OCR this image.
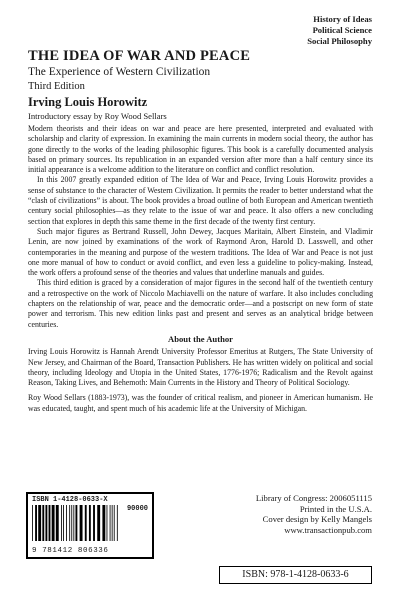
History of Ideas
Political Science
Social Philosophy
THE IDEA OF WAR AND PEACE
The Experience of Western Civilization
Third Edition
Irving Louis Horowitz
Introductory essay by Roy Wood Sellars

Modern theorists and their ideas on war and peace are here presented, interpreted and evaluated with scholarship and clarity of expression. In examining the main currents in modern social theory, the author has gone directly to the works of the leading philosophic figures. This book is a carefully documented analysis based on primary sources. Its republication in an expanded version after more than a half century since its initial appearance is a welcome addition to the literature on conflict and conflict resolution.

In this 2007 greatly expanded edition of The Idea of War and Peace, Irving Louis Horowitz provides a sense of substance to the character of Western Civilization. It permits the reader to better understand what the “clash of civilizations” is about. The book provides a broad outline of both European and American twentieth century social philosophies—as they relate to the issue of war and peace. It also offers a new concluding section that explores in depth this same theme in the first decade of the twenty first century.

Such major figures as Bertrand Russell, John Dewey, Jacques Maritain, Albert Einstein, and Vladimir Lenin, are now joined by examinations of the work of Raymond Aron, Harold D. Lasswell, and other contemporaries in the meaning and purpose of the western traditions. The Idea of War and Peace is not just one more manual of how to conduct or avoid conflict, and even less a guideline to policy-making. Instead, the work offers a profound sense of the theories and values that underline manuals and guides.

This third edition is graced by a consideration of major figures in the second half of the twentieth century and a retrospective on the work of Niccolo Machiavelli on the nature of warfare. It also includes concluding chapters on the relationship of war, peace and the democratic order—and a postscript on new form of state power and terrorism. This new edition links past and present and serves as an analytical bridge between centuries.

About the Author

Irving Louis Horowitz is Hannah Arendt University Professor Emeritus at Rutgers, The State University of New Jersey, and Chairman of the Board, Transaction Publishers. He has written widely on political and social theory, including Ideology and Utopia in the United States, 1776-1976; Radicalism and the Revolt against Reason, Taking Lives, and Behemoth: Main Currents in the History and Theory of Political Sociology.

Roy Wood Sellars (1883-1973), was the founder of critical realism, and pioneer in American humanism. He was educated, taught, and spent much of his academic life at the University of Michigan.

ISBN 1-4128-0633-X
90000
9 781412 806336
Library of Congress: 2006051115
Printed in the U.S.A.
Cover design by Kelly Mangels
www.transactionpub.com
ISBN: 978-1-4128-0633-6
